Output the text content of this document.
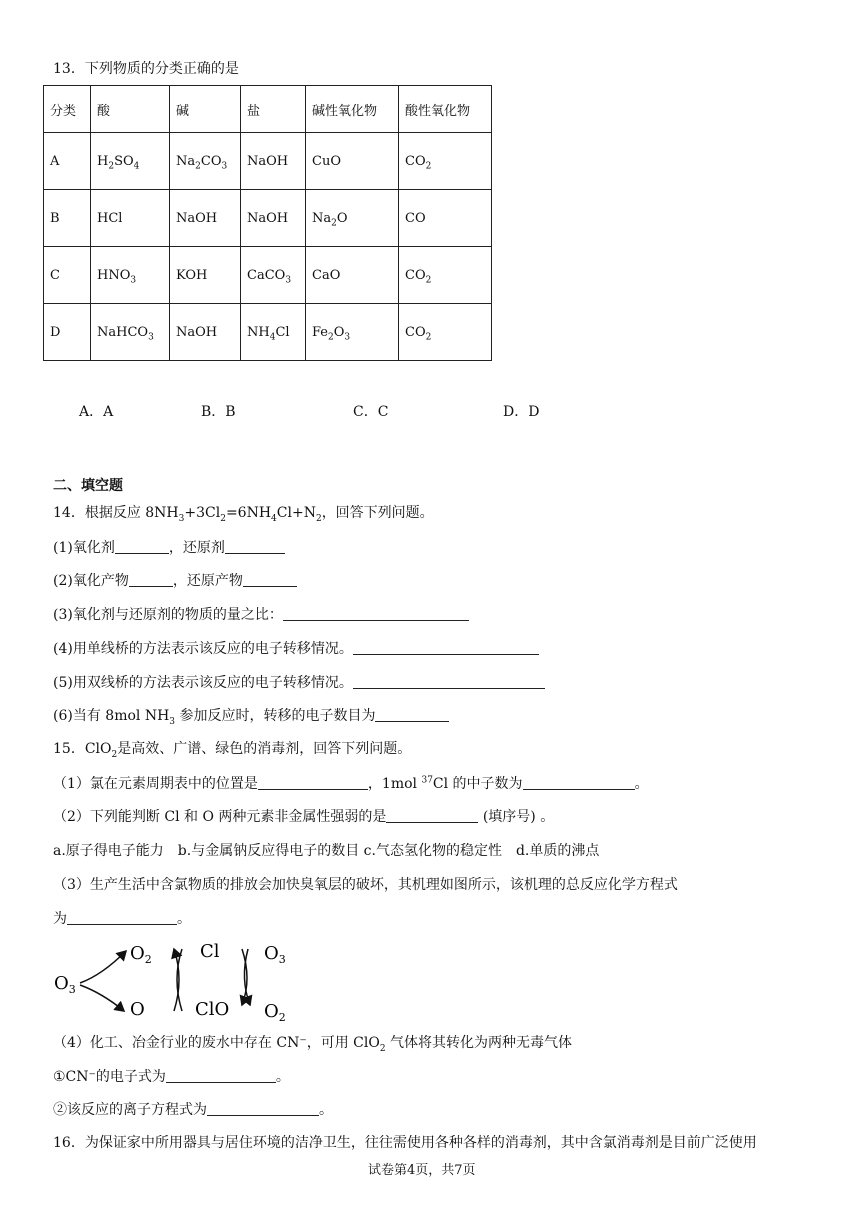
13．下列物质的分类正确的是
分类	酸	碱	盐	碱性氧化物	酸性氧化物
A	$H_2SO_4$	$Na_2CO_3$	NaOH	CuO	$CO_2$
B	HCl	NaOH	NaOH	$Na_2O$	CO
C	$HNO_3$	KOH	CaCO$_3$	CaO	$CO_2$
D	NaHCO$_3$	NaOH	$NH_4Cl$	$Fe_2O_3$	$CO_2$
A．A	B．B	C．C	D．D
二、填空题
14．根据反应 $8NH_3+3Cl_2=6NH_4Cl+N_2$，回答下列问题。
(1)氧化剂	，还原剂
(2)氧化产物	，还原产物
(3)氧化剂与还原剂的物质的量之比：
(4)用单线桥的方法表示该反应的电子转移情况。
(5)用双线桥的方法表示该反应的电子转移情况。
(6)当有 8mol $NH_3$ 参加反应时，转移的电子数目为
15．ClO$_2$是高效、广谱、绿色的消毒剂，回答下列问题。
（1）氯在元素周期表中的位置是	，1mol $^{37}$Cl 的中子数为	。
（2）下列能判断 Cl 和 O 两种元素非金属性强弱的是	(填序号) 。
a.原子得电子能力　b.与金属钠反应得电子的数目 c.气态氢化物的稳定性　d.单质的沸点
（3）生产生活中含氯物质的排放会加快臭氧层的破坏，其机理如图所示，该机理的总反应化学方程式
为	。
$O_3$
$O_2$
O
Cl
ClO
$O_3$
$O_2$
（4）化工、冶金行业的废水中存在 CN⁻，可用 ClO$_2$ 气体将其转化为两种无毒气体
①CN⁻的电子式为	。
②该反应的离子方程式为	。
16．为保证家中所用器具与居住环境的洁净卫生，往往需使用各种各样的消毒剂，其中含氯消毒剂是目前广泛使用
试卷第4页，共7页
